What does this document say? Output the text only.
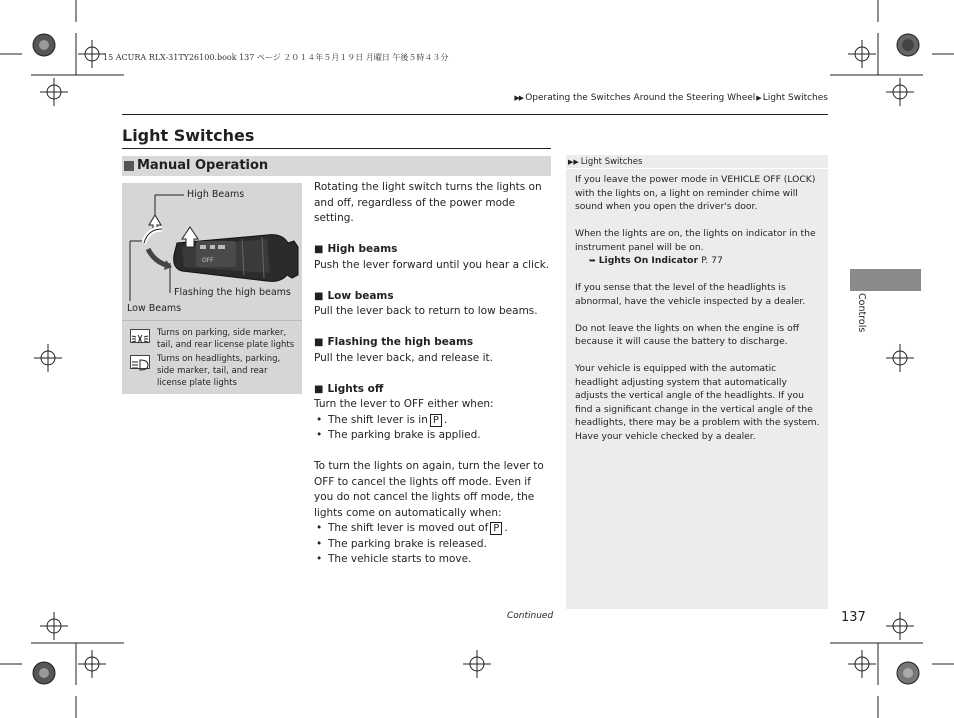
15 ACURA RLX-31TY26100.book 137 ページ ２０１４年５月１９日 月曜日 午後５時４３分
▶▶ Operating the Switches Around the Steering Wheel▶Light Switches
Light Switches
Manual Operation
High Beams
Flashing the high beams
Low Beams
OFF
Turns on parking, side marker, tail, and rear license plate lights
Turns on headlights, parking, side marker, tail, and rear license plate lights

Rotating the light switch turns the lights on and off, regardless of the power mode setting.

■ High beams

Push the lever forward until you hear a click.

■ Low beams

Pull the lever back to return to low beams.

■ Flashing the high beams

Pull the lever back, and release it.

■ Lights off

Turn the lever to OFF either when:

• The shift lever is in P .

• The parking brake is applied.

To turn the lights on again, turn the lever to OFF to cancel the lights off mode. Even if you do not cancel the lights off mode, the lights come on automatically when:

• The shift lever is moved out of P .

• The parking brake is released.

• The vehicle starts to move.

▶▶ Light Switches

If you leave the power mode in VEHICLE OFF (LOCK) with the lights on, a light on reminder chime will sound when you open the driver's door.

When the lights are on, the lights on indicator in the instrument panel will be on.

➥ Lights On Indicator P. 77

If you sense that the level of the headlights is abnormal, have the vehicle inspected by a dealer.

Do not leave the lights on when the engine is off because it will cause the battery to discharge.

Your vehicle is equipped with the automatic headlight adjusting system that automatically adjusts the vertical angle of the headlights. If you find a significant change in the vertical angle of the headlights, there may be a problem with the system. Have your vehicle checked by a dealer.

Continued	137
Controls
